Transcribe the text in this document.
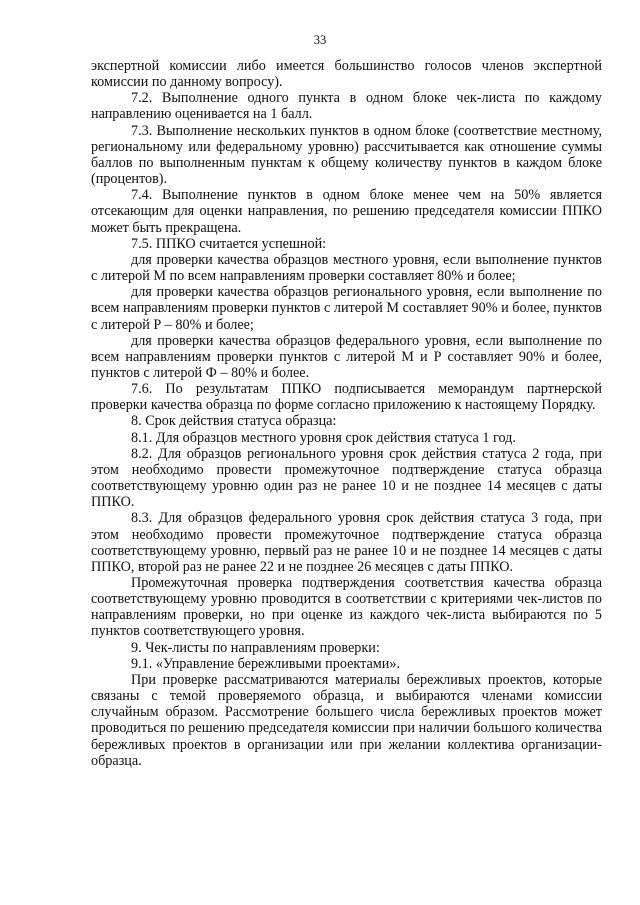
33

экспертной комиссии либо имеется большинство голосов членов экспертной комиссии по данному вопросу).

7.2. Выполнение одного пункта в одном блоке чек-листа по каждому направлению оценивается на 1 балл.

7.3. Выполнение нескольких пунктов в одном блоке (соответствие местному, региональному или федеральному уровню) рассчитывается как отношение суммы баллов по выполненным пунктам к общему количеству пунктов в каждом блоке (процентов).

7.4. Выполнение пунктов в одном блоке менее чем на 50% является отсекающим для оценки направления, по решению председателя комиссии ППКО может быть прекращена.

7.5. ППКО считается успешной:

для проверки качества образцов местного уровня, если выполнение пунктов с литерой М по всем направлениям проверки составляет 80% и более;

для проверки качества образцов регионального уровня, если выполнение по всем направлениям проверки пунктов с литерой М составляет 90% и более, пунктов с литерой Р – 80% и более;

для проверки качества образцов федерального уровня, если выполнение по всем направлениям проверки пунктов с литерой М и Р составляет 90% и более, пунктов с литерой Ф – 80% и более.

7.6. По результатам ППКО подписывается меморандум партнерской проверки качества образца по форме согласно приложению к настоящему Порядку.

8. Срок действия статуса образца:

8.1. Для образцов местного уровня срок действия статуса 1 год.

8.2. Для образцов регионального уровня срок действия статуса 2 года, при этом необходимо провести промежуточное подтверждение статуса образца соответствующему уровню один раз не ранее 10 и не позднее 14 месяцев с даты ППКО.

8.3. Для образцов федерального уровня срок действия статуса 3 года, при этом необходимо провести промежуточное подтверждение статуса образца соответствующему уровню, первый раз не ранее 10 и не позднее 14 месяцев с даты ППКО, второй раз не ранее 22 и не позднее 26 месяцев с даты ППКО.

Промежуточная проверка подтверждения соответствия качества образца соответствующему уровню проводится в соответствии с критериями чек-листов по направлениям проверки, но при оценке из каждого чек-листа выбираются по 5 пунктов соответствующего уровня.

9. Чек-листы по направлениям проверки:

9.1. «Управление бережливыми проектами».

При проверке рассматриваются материалы бережливых проектов, которые связаны с темой проверяемого образца, и выбираются членами комиссии случайным образом. Рассмотрение большего числа бережливых проектов может проводиться по решению председателя комиссии при наличии большого количества бережливых проектов в организации или при желании коллектива организации-образца.
